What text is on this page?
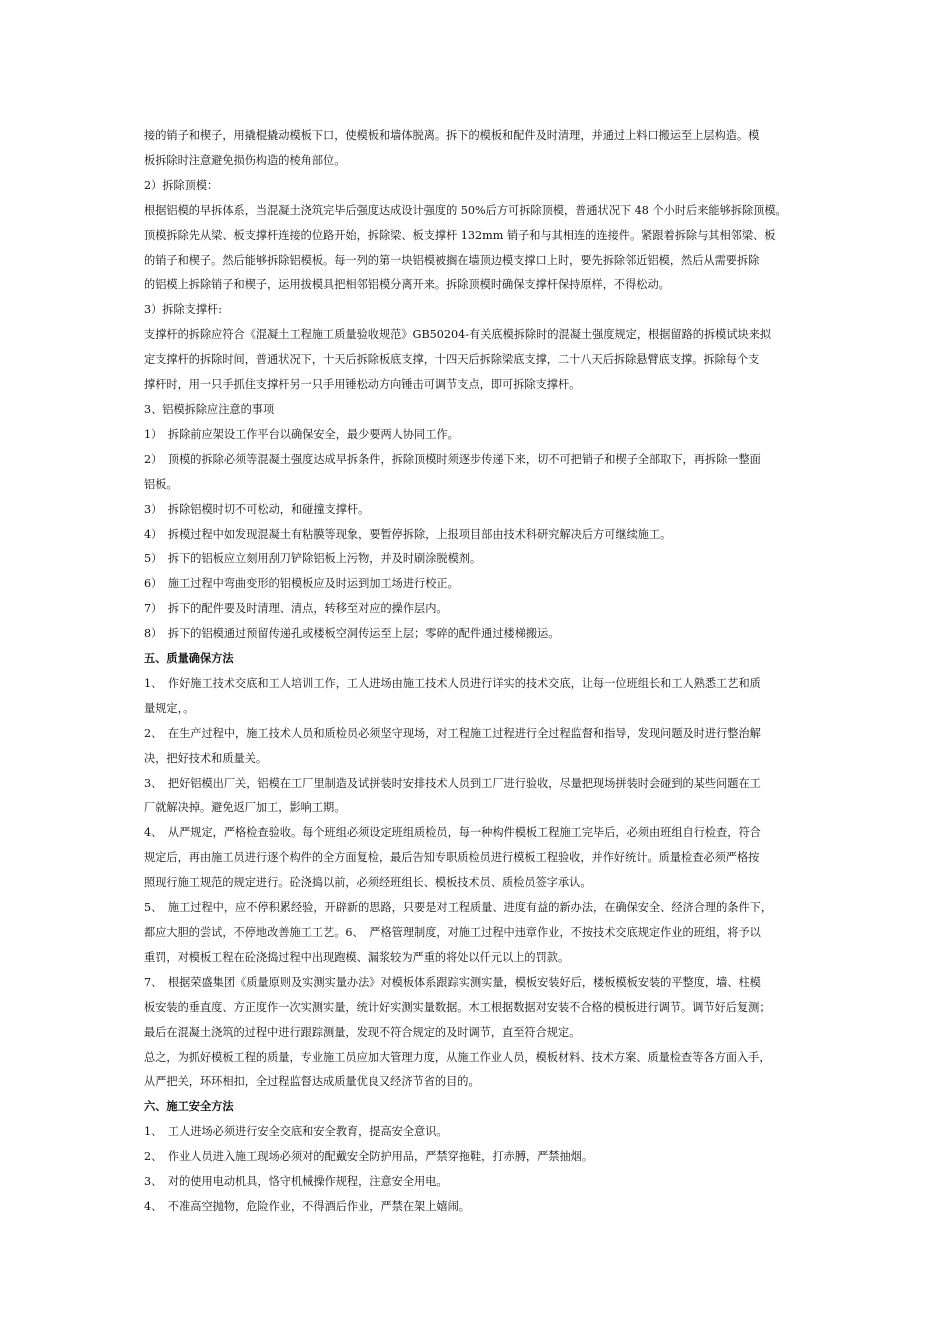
接的销子和楔子，用撬棍撬动模板下口，使模板和墙体脱离。拆下的模板和配件及时清理，并通过上料口搬运至上层构造。模
板拆除时注意避免损伤构造的棱角部位。
2）拆除顶模：
根据铝模的早拆体系，当混凝土浇筑完毕后强度达成设计强度的 50%后方可拆除顶模，普通状况下 48 个小时后来能够拆除顶模。
顶模拆除先从梁、板支撑杆连接的位路开始，拆除梁、板支撑杆 132mm 销子和与其相连的连接件。紧跟着拆除与其相邻梁、板
的销子和楔子。然后能够拆除铝模板。每一列的第一块铝模被搁在墙顶边模支撑口上时，要先拆除邻近铝模，然后从需要拆除
的铝模上拆除销子和楔子，运用拔模具把相邻铝模分离开来。拆除顶模时确保支撑杆保持原样，不得松动。
3）拆除支撑杆:
支撑杆的拆除应符合《混凝土工程施工质量验收规范》GB50204-有关底模拆除时的混凝土强度规定，根据留路的拆模试块来拟
定支撑杆的拆除时间，普通状况下，十天后拆除板底支撑，十四天后拆除梁底支撑，二十八天后拆除悬臂底支撑。拆除每个支
撑杆时，用一只手抓住支撑杆另一只手用锤松动方向锤击可调节支点，即可拆除支撑杆。
3、铝模拆除应注意的事项
1）　拆除前应架设工作平台以确保安全，最少要两人协同工作。
2）　顶模的拆除必须等混凝土强度达成早拆条件，拆除顶模时须逐步传递下来，切不可把销子和楔子全部取下，再拆除一整面
铝板。
3）　拆除铝模时切不可松动，和碰撞支撑杆。
4）　拆模过程中如发现混凝土有粘膜等现象，要暂停拆除，上报项目部由技术科研究解决后方可继续施工。
5）　拆下的铝板应立刻用刮刀铲除铝板上污物，并及时刷涂脱模剂。
6）　施工过程中弯曲变形的铝模板应及时运到加工场进行校正。
7）　拆下的配件要及时清理、清点，转移至对应的操作层内。
8）　拆下的铝模通过预留传递孔或楼板空洞传运至上层；零碎的配件通过楼梯搬运。
五、质量确保方法
1、　作好施工技术交底和工人培训工作，工人进场由施工技术人员进行详实的技术交底，让每一位班组长和工人熟悉工艺和质
量规定，。
2、　在生产过程中，施工技术人员和质检员必须坚守现场，对工程施工过程进行全过程监督和指导，发现问题及时进行整治解
决，把好技术和质量关。
3、　把好铝模出厂关，铝模在工厂里制造及试拼装时安排技术人员到工厂进行验收，尽量把现场拼装时会碰到的某些问题在工
厂就解决掉。避免返厂加工，影响工期。
4、　从严规定，严格检查验收。每个班组必须设定班组质检员，每一种构件模板工程施工完毕后，必须由班组自行检查，符合
规定后，再由施工员进行逐个构件的全方面复检，最后告知专职质检员进行模板工程验收，并作好统计。质量检查必须严格按
照现行施工规范的规定进行。砼浇捣以前，必须经班组长、模板技术员、质检员签字承认。
5、　施工过程中，应不停积累经验，开辟新的思路，只要是对工程质量、进度有益的新办法，在确保安全、经济合理的条件下，
都应大胆的尝试，不停地改善施工工艺。6、　严格管理制度，对施工过程中违章作业，不按技术交底规定作业的班组，将予以
重罚，对模板工程在砼浇捣过程中出现跑模、漏浆较为严重的将处以仟元以上的罚款。
7、　根据荣盛集团《质量原则及实测实量办法》对模板体系跟踪实测实量，模板安装好后，楼板模板安装的平整度，墙、柱模
板安装的垂直度、方正度作一次实测实量，统计好实测实量数据。木工根据数据对安装不合格的模板进行调节。调节好后复测；
最后在混凝土浇筑的过程中进行跟踪测量，发现不符合规定的及时调节，直至符合规定。
总之，为抓好模板工程的质量，专业施工员应加大管理力度，从施工作业人员，模板材料、技术方案、质量检查等各方面入手，
从严把关，环环相扣，全过程监督达成质量优良又经济节省的目的。
六、施工安全方法
1、　工人进场必须进行安全交底和安全教育，提高安全意识。
2、　作业人员进入施工现场必须对的配戴安全防护用品，严禁穿拖鞋，打赤膊，严禁抽烟。
3、　对的使用电动机具，恪守机械操作规程，注意安全用电。
4、　不准高空抛物，危险作业，不得酒后作业，严禁在架上嬉闹。
